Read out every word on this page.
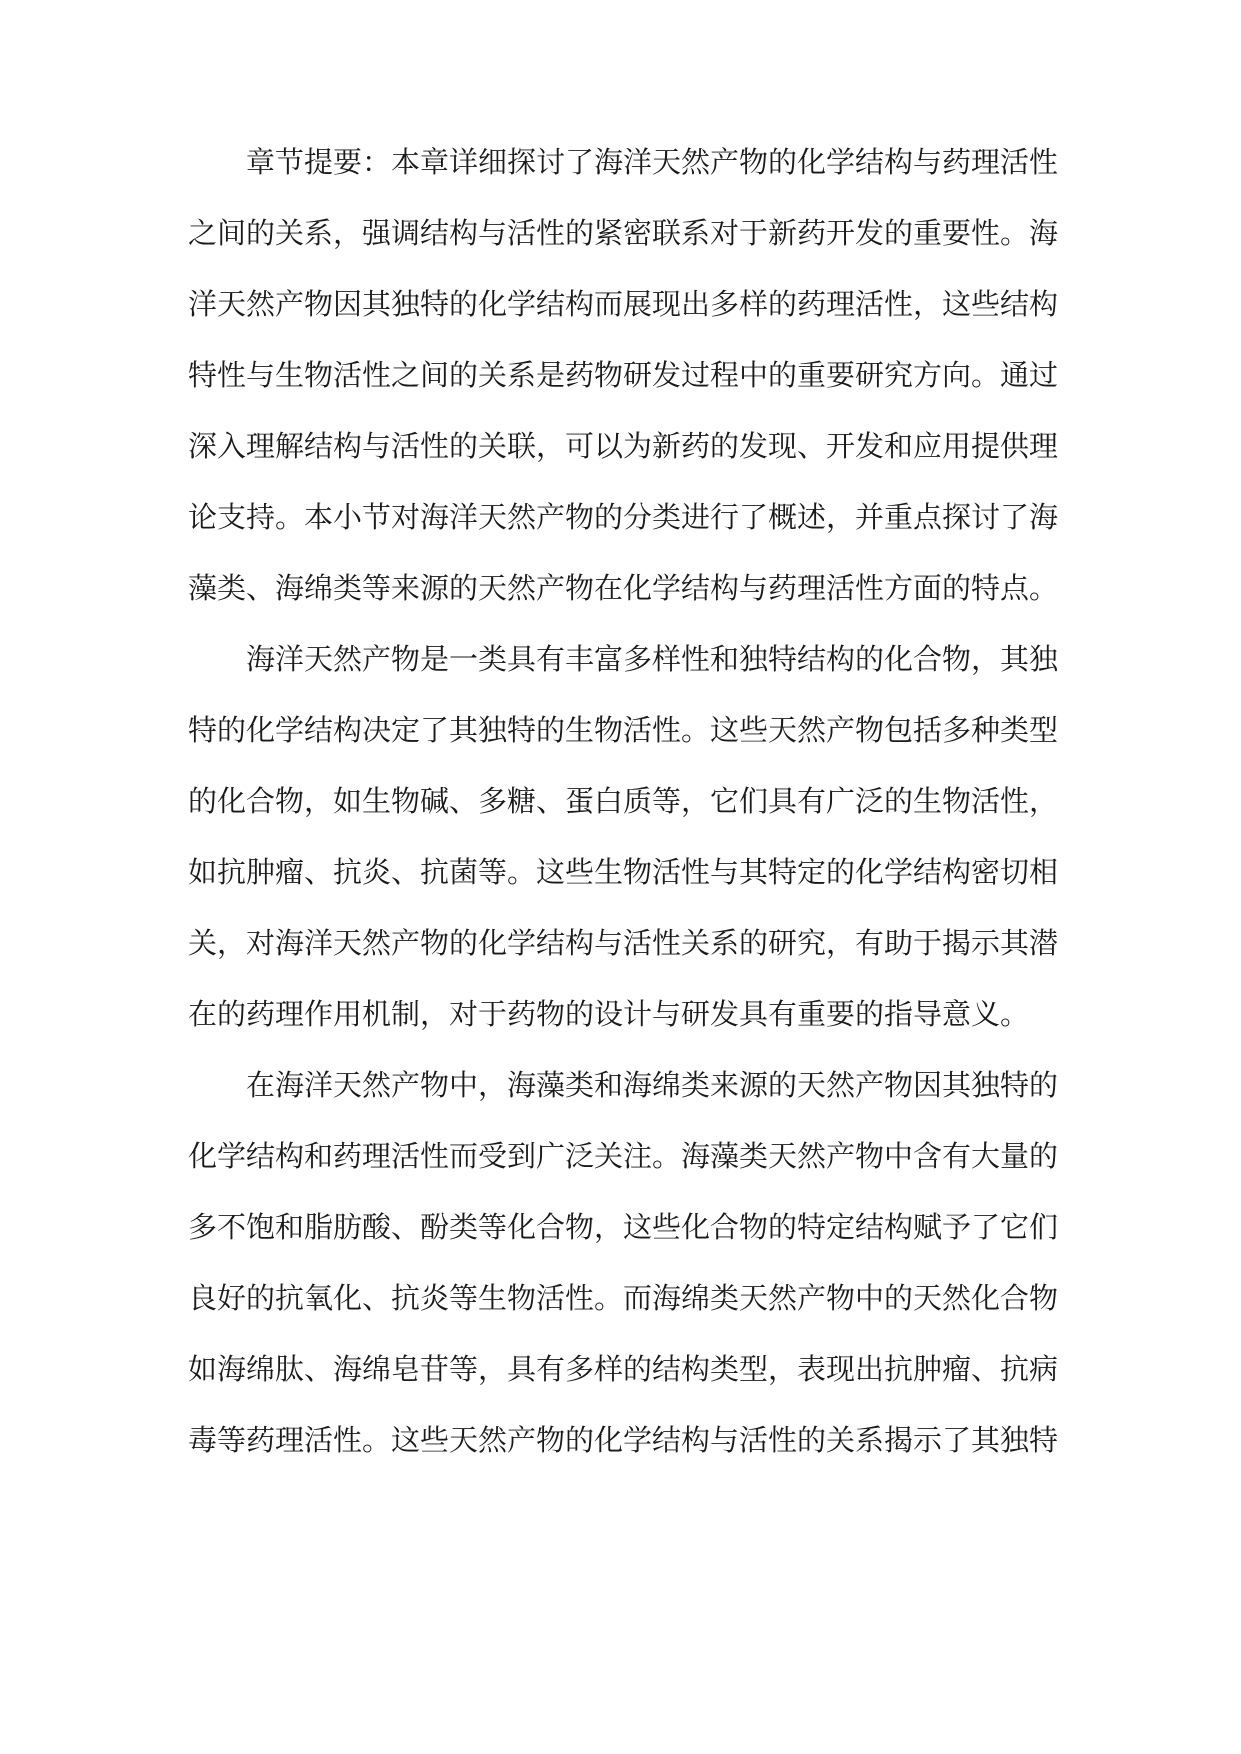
章节提要：本章详细探讨了海洋天然产物的化学结构与药理活性
之间的关系，强调结构与活性的紧密联系对于新药开发的重要性。海
洋天然产物因其独特的化学结构而展现出多样的药理活性，这些结构
特性与生物活性之间的关系是药物研发过程中的重要研究方向。通过
深入理解结构与活性的关联，可以为新药的发现、开发和应用提供理
论支持。本小节对海洋天然产物的分类进行了概述，并重点探讨了海
藻类、海绵类等来源的天然产物在化学结构与药理活性方面的特点。
海洋天然产物是一类具有丰富多样性和独特结构的化合物，其独
特的化学结构决定了其独特的生物活性。这些天然产物包括多种类型
的化合物，如生物碱、多糖、蛋白质等，它们具有广泛的生物活性，
如抗肿瘤、抗炎、抗菌等。这些生物活性与其特定的化学结构密切相
关，对海洋天然产物的化学结构与活性关系的研究，有助于揭示其潜
在的药理作用机制，对于药物的设计与研发具有重要的指导意义。
在海洋天然产物中，海藻类和海绵类来源的天然产物因其独特的
化学结构和药理活性而受到广泛关注。海藻类天然产物中含有大量的
多不饱和脂肪酸、酚类等化合物，这些化合物的特定结构赋予了它们
良好的抗氧化、抗炎等生物活性。而海绵类天然产物中的天然化合物
如海绵肽、海绵皂苷等，具有多样的结构类型，表现出抗肿瘤、抗病
毒等药理活性。这些天然产物的化学结构与活性的关系揭示了其独特
